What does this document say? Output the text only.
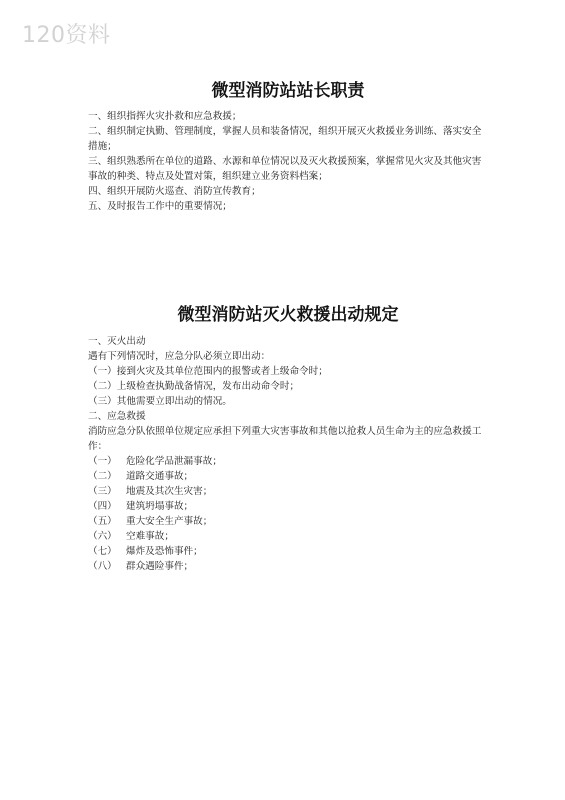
120资料
微型消防站站长职责

一、组织指挥火灾扑救和应急救援；

二、组织制定执勤、管理制度，掌握人员和装备情况，组织开展灭火救援业务训练、落实安全措施；

三、组织熟悉所在单位的道路、水源和单位情况以及灭火救援预案，掌握常见火灾及其他灾害事故的种类、特点及处置对策，组织建立业务资料档案；

四、组织开展防火巡查、消防宣传教育；

五、及时报告工作中的重要情况；

微型消防站灭火救援出动规定

一、灭火出动

遇有下列情况时，应急分队必须立即出动：

（一）接到火灾及其单位范围内的报警或者上级命令时；

（二）上级检查执勤战备情况，发布出动命令时；

（三）其他需要立即出动的情况。

二、应急救援

消防应急分队依照单位规定应承担下列重大灾害事故和其他以抢救人员生命为主的应急救援工作：

（一） 危险化学品泄漏事故；
（二） 道路交通事故；
（三） 地震及其次生灾害；
（四） 建筑坍塌事故；
（五） 重大安全生产事故；
（六） 空难事故；
（七） 爆炸及恐怖事件；
（八） 群众遇险事件；
